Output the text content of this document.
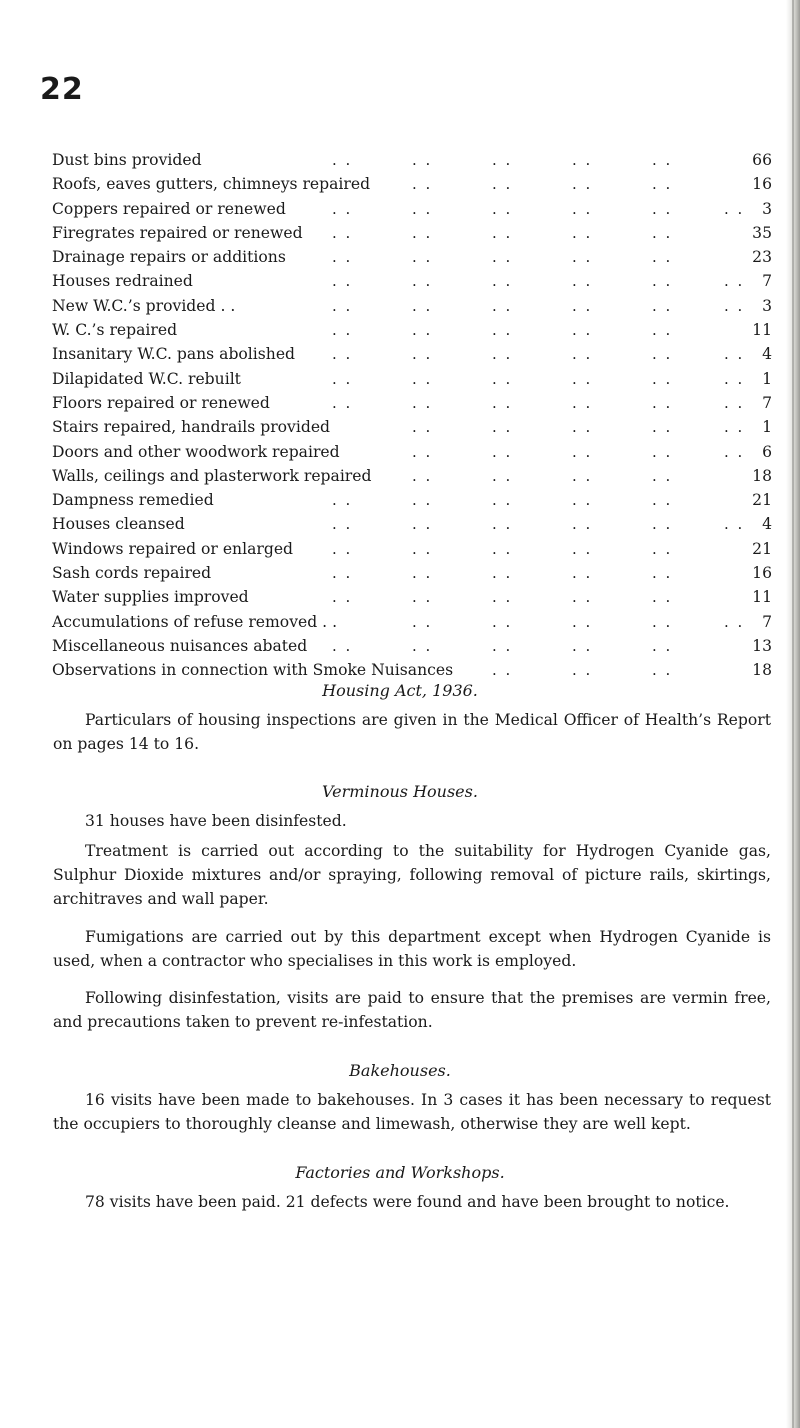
22
Dust bins provided	66
. .	. .	. .	. .	. .
Roofs, eaves gutters, chimneys repaired	16
. .	. .	. .	. .
Coppers repaired or renewed	3
. .	. .	. .	. .	. .	. .
Firegrates repaired or renewed	35
. .	. .	. .	. .	. .
Drainage repairs or additions	23
. .	. .	. .	. .	. .
Houses redrained	7
. .	. .	. .	. .	. .	. .
New W.C.’s provided . .	3
. .	. .	. .	. .	. .	. .
W. C.’s repaired	11
. .	. .	. .	. .	. .
Insanitary W.C. pans abolished	4
. .	. .	. .	. .	. .	. .
Dilapidated W.C. rebuilt	1
. .	. .	. .	. .	. .	. .
Floors repaired or renewed	7
. .	. .	. .	. .	. .	. .
Stairs repaired, handrails provided	1
. .	. .	. .	. .	. .
Doors and other woodwork repaired	6
. .	. .	. .	. .	. .
Walls, ceilings and plasterwork repaired	18
. .	. .	. .	. .
Dampness remedied	21
. .	. .	. .	. .	. .
Houses cleansed	4
. .	. .	. .	. .	. .	. .
Windows repaired or enlarged	21
. .	. .	. .	. .	. .
Sash cords repaired	16
. .	. .	. .	. .	. .
Water supplies improved	11
. .	. .	. .	. .	. .
Accumulations of refuse removed . .	7
. .	. .	. .	. .	. .
Miscellaneous nuisances abated	13
. .	. .	. .	. .	. .
Observations in connection with Smoke Nuisances	18
. .	. .	. .
Housing Act, 1936.
Particulars of housing inspections are given in the Medical Officer of Health’s Report on pages 14 to 16.
Verminous Houses.
31 houses have been disinfested.
Treatment is carried out according to the suitability for Hydrogen Cyanide gas, Sulphur Dioxide mixtures and/or spraying, following removal of picture rails, skirtings, architraves and wall paper.
Fumigations are carried out by this department except when Hydrogen Cyanide is used, when a contractor who specialises in this work is employed.
Following disinfestation, visits are paid to ensure that the premises are vermin free, and precautions taken to prevent re-infestation.
Bakehouses.
16 visits have been made to bakehouses. In 3 cases it has been necessary to request the occupiers to thoroughly cleanse and limewash, otherwise they are well kept.
Factories and Workshops.
78 visits have been paid. 21 defects were found and have been brought to notice.
